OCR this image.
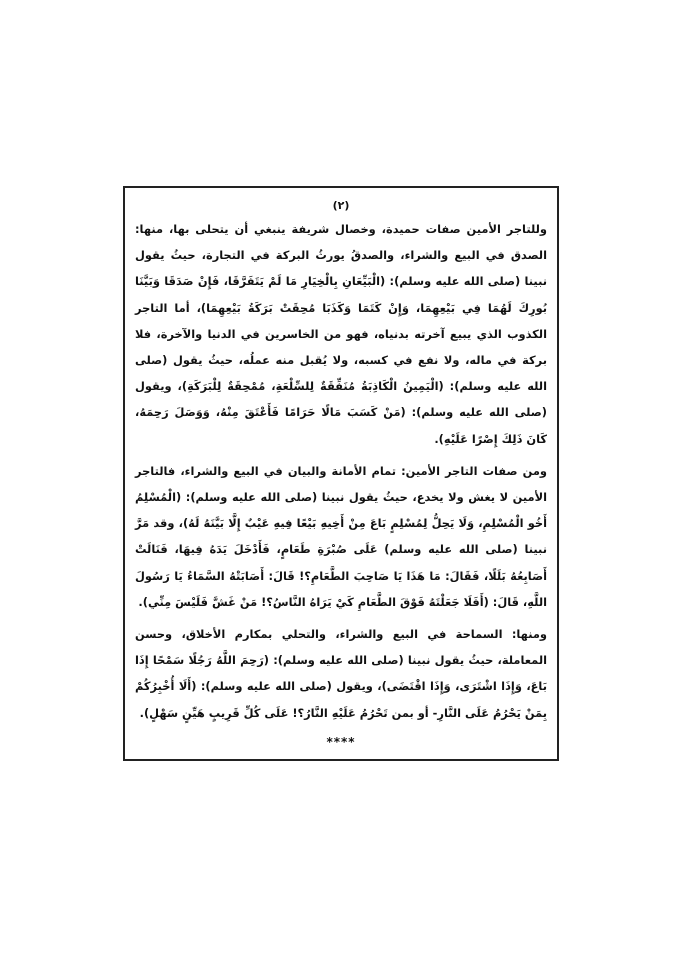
(٢)

وللتاجر الأمين صفات حميدة، وخصال شريفة ينبغي أن يتحلى بها، منها: الصدق في البيع والشراء، والصدقُ يورثُ البركة في التجارة، حيثُ يقول نبينا (صلى الله عليه وسلم): (الْبَيِّعَانِ بِالْخِيَارِ مَا لَمْ يَتَفَرَّقَا، فَإِنْ صَدَقَا وَبَيَّنَا بُورِكَ لَهُمَا فِي بَيْعِهِمَا، وَإِنْ كَتَمَا وَكَذَبَا مُحِقَتْ بَرَكَةُ بَيْعِهِمَا)، أما التاجر الكذوب الذي يبيع آخرته بدنياه، فهو من الخاسرين في الدنيا والآخرة، فلا بركة في ماله، ولا نفع في كسبه، ولا يُقبل منه عملُه، حيثُ يقول (صلى الله عليه وسلم): (الْيَمِينُ الْكَاذِبَةُ مُنَفِّقَةٌ لِلسِّلْعَةِ، مُمْحِقَةٌ لِلْبَرَكَةِ)، ويقول (صلى الله عليه وسلم): (مَنْ كَسَبَ مَالًا حَرَامًا فَأَعْتَقَ مِنْهُ، وَوَصَلَ رَحِمَهُ، كَانَ ذَلِكَ إِصْرًا عَلَيْهِ).

ومن صفات التاجر الأمين: تمام الأمانة والبيان في البيع والشراء، فالتاجر الأمين لا يغش ولا يخدع، حيثُ يقول نبينا (صلى الله عليه وسلم): (الْمُسْلِمُ أَخُو الْمُسْلِمِ، وَلَا يَحِلُّ لِمُسْلِمٍ بَاعَ مِنْ أَخِيهِ بَيْعًا فِيهِ عَيْبٌ إِلَّا بَيَّنَهُ لَهُ)، وقد مَرَّ نبينا (صلى الله عليه وسلم) عَلَى صُبْرَةِ طَعَامٍ، فَأَدْخَلَ يَدَهُ فِيهَا، فَنَالَتْ أَصَابِعُهُ بَلَلًا، فَقَالَ: مَا هَذَا يَا صَاحِبَ الطَّعَامِ؟! قَالَ: أَصَابَتْهُ السَّمَاءُ يَا رَسُولَ اللَّهِ، قَالَ: (أَفَلَا جَعَلْتَهُ فَوْقَ الطَّعَامِ كَيْ يَرَاهُ النَّاسُ؟! مَنْ غَشَّ فَلَيْسَ مِنِّي).

ومنها: السماحة في البيع والشراء، والتحلي بمكارم الأخلاق، وحسن المعاملة، حيثُ يقول نبينا (صلى الله عليه وسلم): (رَحِمَ اللَّهُ رَجُلًا سَمْحًا إِذَا بَاعَ، وَإِذَا اشْتَرَى، وَإِذَا اقْتَضَى)، ويقول (صلى الله عليه وسلم): (أَلَا أُخْبِرُكُمْ بِمَنْ يَحْرُمُ عَلَى النَّارِ- أو بمن تَحْرُمُ عَلَيْهِ النَّارُ؟! عَلَى كُلِّ قَرِيبٍ هَيِّنٍ سَهْلٍ).

****
